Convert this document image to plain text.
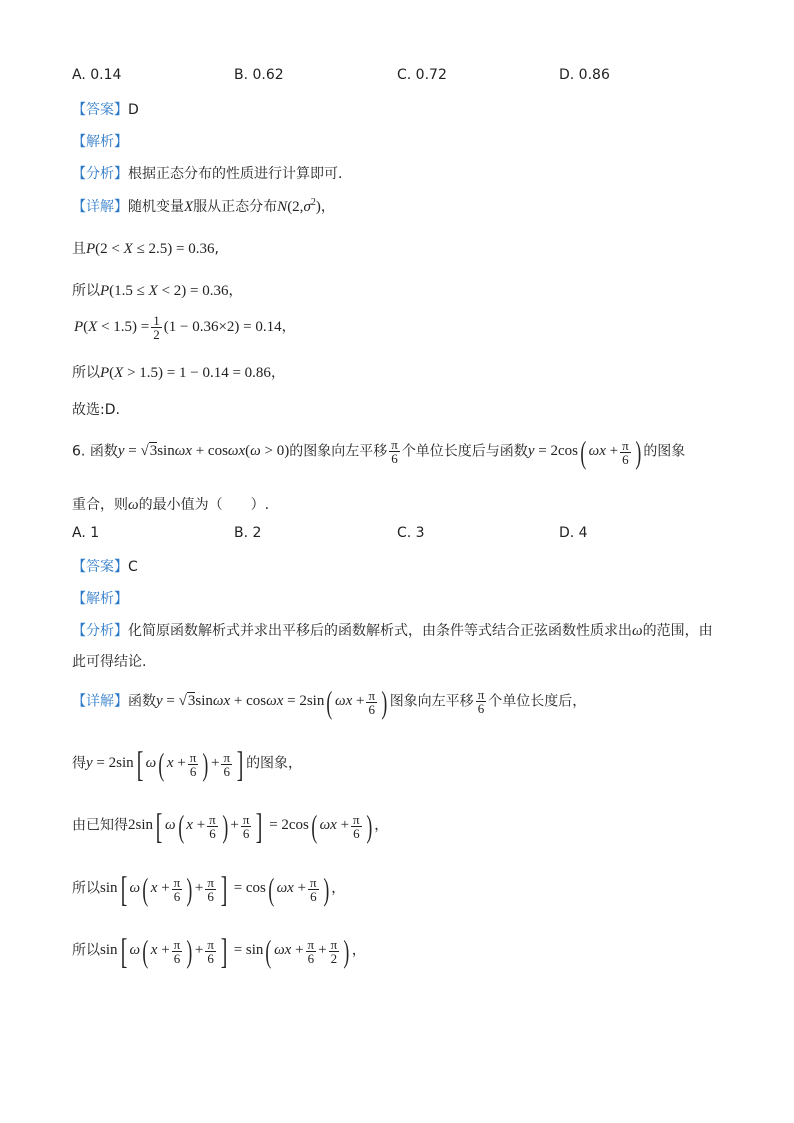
A. 0.14	B. 0.62	C. 0.72	D. 0.86
【答案】D
【解析】
【分析】根据正态分布的性质进行计算即可.
【详解】随机变量X服从正态分布$N(2,\sigma^2)$，
且P(2 < X ≤ 2.5) = 0.36,
所以P(1.5 ≤ X < 2) = 0.36，
$P(X < 1.5) = \frac{1}{2} (1 - 0.36\times 2) = 0.14$，
所以P(X > 1.5) = 1 − 0.14 = 0.86，
故选:D.
6. 函数y = √3sinωx + cosωx(ω > 0)的图象向左平移 $\frac{\pi}{6}$ 个单位长度后与函数y = 2cos( $\omega x + \frac{\pi}{6}$ ) 的图象
重合，则ω的最小值为（　　）.
A. 1	B. 2	C. 3	D. 4
【答案】C
【解析】
【分析】化简原函数解析式并求出平移后的函数解析式，由条件等式结合正弦函数性质求出ω的范围，由
此可得结论.
【详解】函数y = √3sinωx + cosωx = 2sin( $\omega x + \frac{\pi}{6}$ ) 图象向左平移 $\frac{\pi}{6}$ 个单位长度后，
得y = 2sin[ ω( $x + \frac{\pi}{6}$ ) + $\frac{\pi}{6}$ ] 的图象，
由已知得2sin[ ω( $x + \frac{\pi}{6}$ ) + $\frac{\pi}{6}$ ] = 2cos( $\omega x + \frac{\pi}{6}$ ) ，
所以sin[ ω( $x + \frac{\pi}{6}$ ) + $\frac{\pi}{6}$ ] = cos( $\omega x + \frac{\pi}{6}$ ) ，
所以sin[ ω( $x + \frac{\pi}{6}$ ) + $\frac{\pi}{6}$ ] = sin( $\omega x + \frac{\pi}{6} + \frac{\pi}{2}$ ) ，
